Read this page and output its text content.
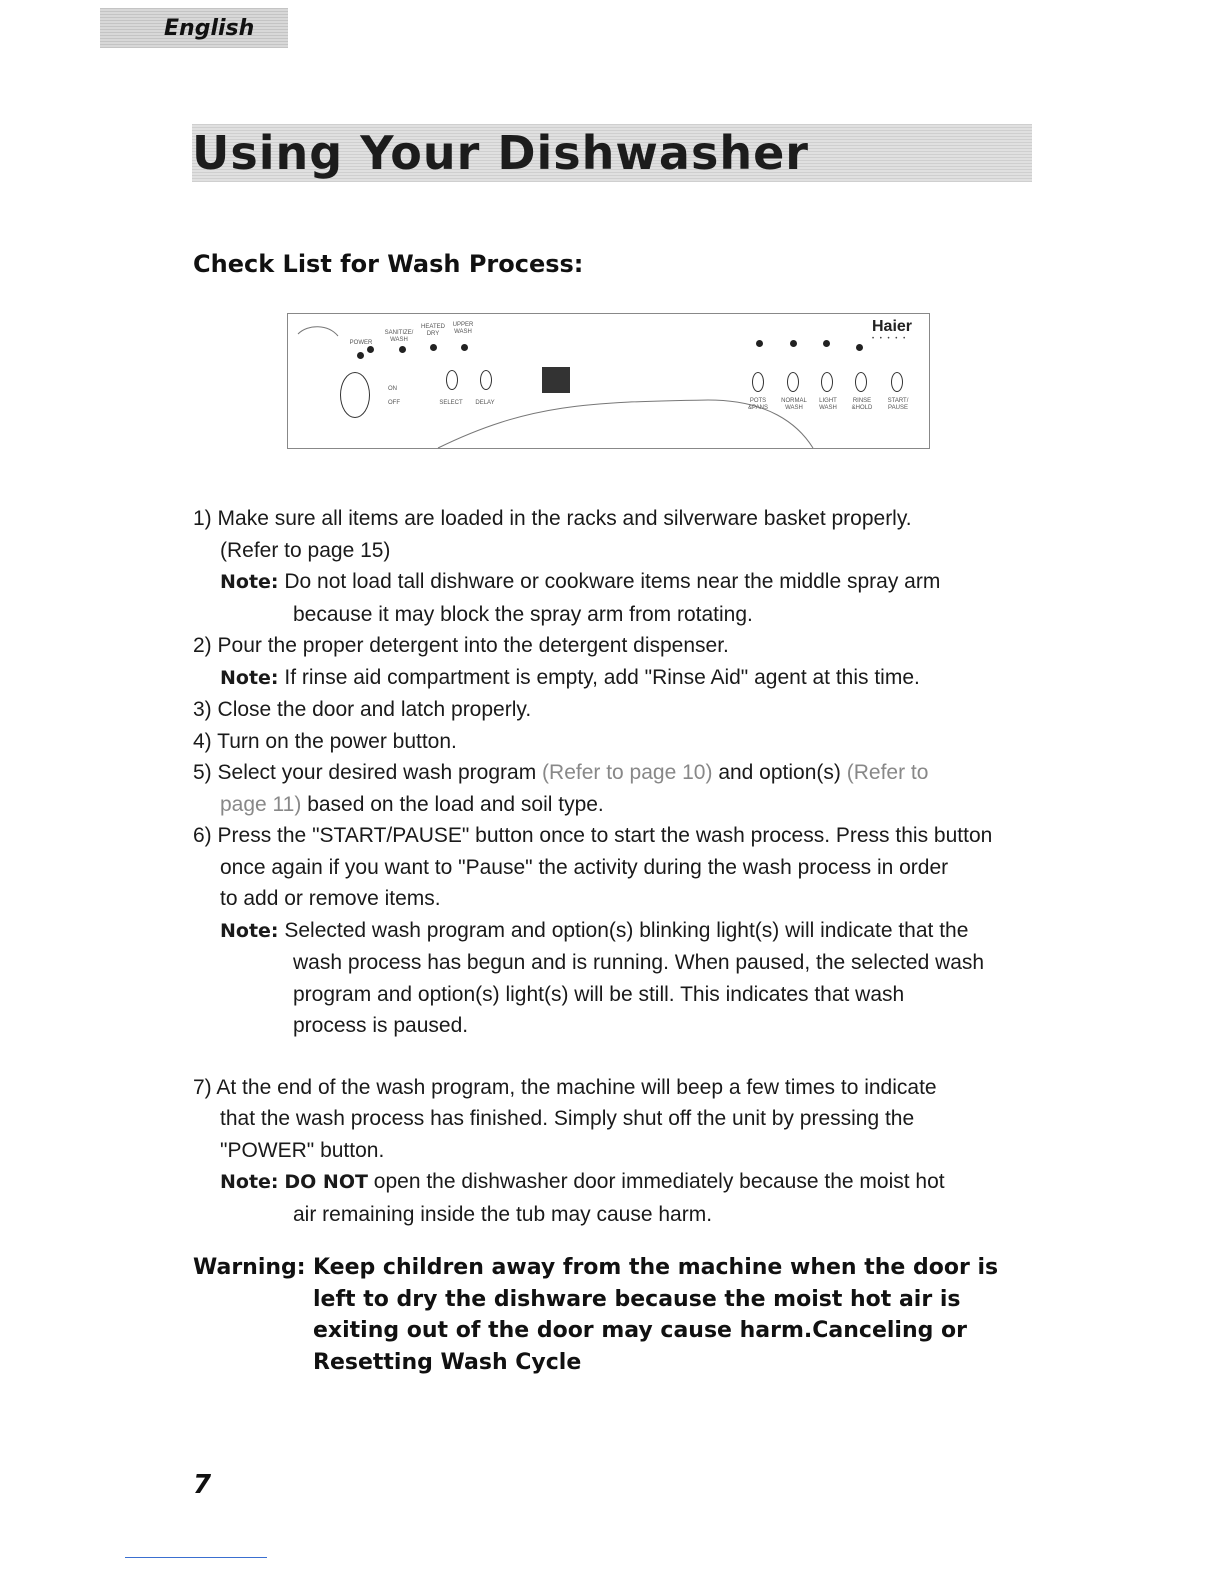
English
Using Your Dishwasher
Check List for Wash Process:
POWER
SANITIZE/ WASH
HEATED DRY
UPPER WASH
ON
OFF	SELECT	DELAY
Haier
• • • • •
POTS &PANS
NORMAL WASH
LIGHT WASH
RINSE &HOLD
START/ PAUSE

1) Make sure all items are loaded in the racks and silverware basket properly.

(Refer to page 15)

Note: Do not load tall dishware or cookware items near the middle spray arm

because it may block the spray arm from rotating.

2) Pour the proper detergent into the detergent dispenser.

Note: If rinse aid compartment is empty, add "Rinse Aid" agent at this time.

3) Close the door and latch properly.

4) Turn on the power button.

5) Select your desired wash program (Refer to page 10) and option(s) (Refer to

page 11) based on the load and soil type.

6) Press the "START/PAUSE" button once to start the wash process. Press this button

once again if you want to "Pause" the activity during the wash process in order

to add or remove items.

Note: Selected wash program and option(s) blinking light(s) will indicate that the

wash process has begun and is running. When paused, the selected wash

program and option(s) light(s) will be still. This indicates that wash

process is paused.

7) At the end of the wash program, the machine will beep a few times to indicate

that the wash process has finished. Simply shut off the unit by pressing the

"POWER" button.

Note: DO NOT open the dishwasher door immediately because the moist hot

air remaining inside the tub may cause harm.

Warning: Keep children away from the machine when the door is
left to dry the dishware because the moist hot air is
exiting out of the door may cause harm.Canceling or
Resetting Wash Cycle
7
